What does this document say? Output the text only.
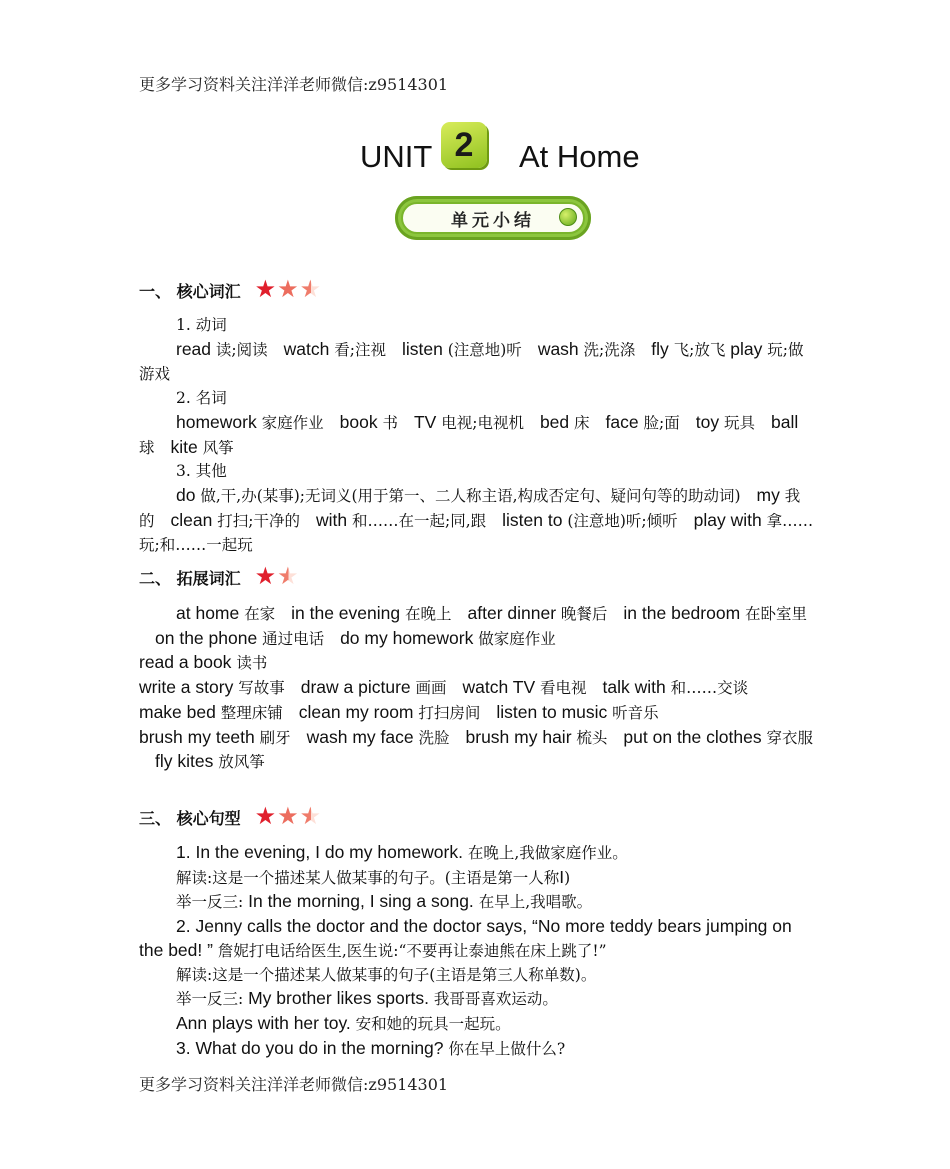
更多学习资料关注洋洋老师微信:z9514301
UNIT 2	At Home
单元小结
一、 核心词汇 ★ ★ ★

1. 动词

read 读;阅读 watch 看;注视 listen (注意地)听 wash 洗;洗涤 fly 飞;放飞 play 玩;做游戏

2. 名词

homework 家庭作业 book 书 TV 电视;电视机 bed 床 face 脸;面 toy 玩具 ball 球 kite 风筝

3. 其他

do 做,干,办(某事);无词义(用于第一、二人称主语,构成否定句、疑问句等的助动词) my 我的 clean 打扫;干净的 with 和……在一起;同,跟 listen to (注意地)听;倾听 play with 拿……玩;和……一起玩

二、 拓展词汇 ★ ★

at home 在家 in the evening 在晚上 after dinner 晚餐后 in the bedroom 在卧室里on the phone 通过电话 do my homework 做家庭作业

read a book 读书

write a story 写故事 draw a picture 画画 watch TV 看电视 talk with 和……交谈

make bed 整理床铺 clean my room 打扫房间 listen to music 听音乐

brush my teeth 刷牙 wash my face 洗脸 brush my hair 梳头 put on the clothes 穿衣服fly kites 放风筝

三、 核心句型 ★ ★ ★

1. In the evening, I do my homework. 在晚上,我做家庭作业。

解读:这是一个描述某人做某事的句子。(主语是第一人称I)

举一反三: In the morning, I sing a song. 在早上,我唱歌。

2. Jenny calls the doctor and the doctor says, “No more teddy bears jumping on the bed! ” 詹妮打电话给医生,医生说:“不要再让泰迪熊在床上跳了!”

解读:这是一个描述某人做某事的句子(主语是第三人称单数)。

举一反三: My brother likes sports. 我哥哥喜欢运动。

Ann plays with her toy. 安和她的玩具一起玩。

3. What do you do in the morning? 你在早上做什么?

更多学习资料关注洋洋老师微信:z9514301
